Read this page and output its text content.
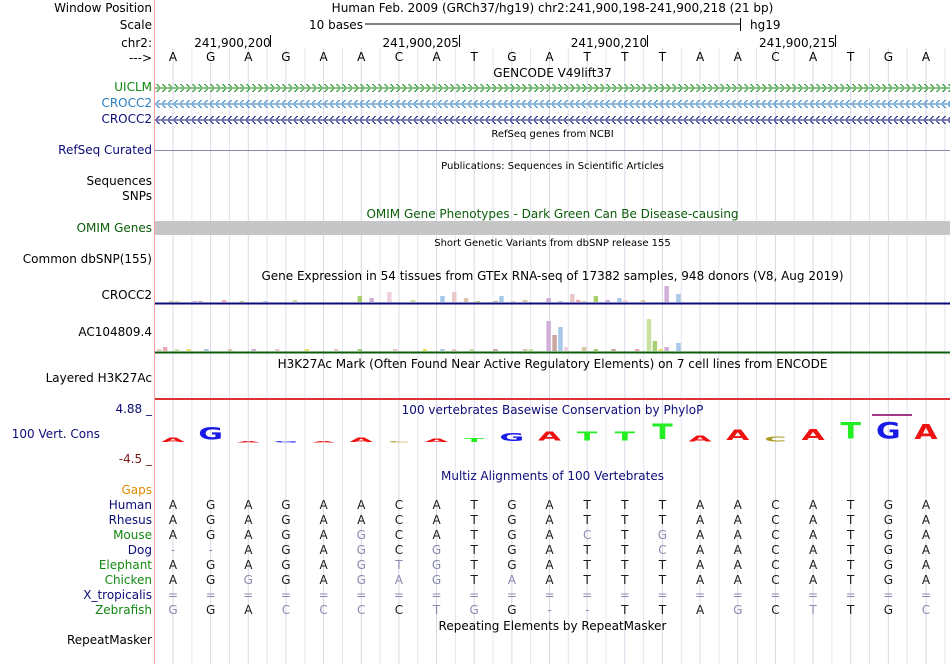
Window Position
Scale
chr2:
--->
UICLM
CROCC2
CROCC2
RefSeq Curated
Sequences
SNPs
OMIM Genes
Common dbSNP(155)
CROCC2
AC104809.4
Layered H3K27Ac
4.88 _
100 Vert. Cons
-4.5 _
Gaps
Human
Rhesus
Mouse
Dog
Elephant
Chicken
X_tropicalis
Zebrafish
RepeatMasker
Human Feb. 2009 (GRCh37/hg19) chr2:241,900,198-241,900,218 (21 bp)
10 bases	hg19
241,900,200	241,900,205	241,900,210	241,900,215
A	G	A	G	A	A	C	A	T	G	A	T	T	T	A	A	C	A	T	G	A
GENCODE V49lift37
RefSeq genes from NCBI
Publications: Sequences in Scientific Articles
OMIM Gene Phenotypes - Dark Green Can Be Disease-causing
Short Genetic Variants from dbSNP release 155
Gene Expression in 54 tissues from GTEx RNA-seq of 17382 samples, 948 donors (V8, Aug 2019)
H3K27Ac Mark (Often Found Near Active Regulatory Elements) on 7 cell lines from ENCODE
100 vertebrates Basewise Conservation by PhyloP
A G A G A A C A T G A T T T A A C A T G A
Multiz Alignments of 100 Vertebrates
A	G	A	G	A	A	C	A	T	G	A	T	T	T	A	A	C	A	T	G	A
A	G	A	G	A	A	C	A	T	G	A	T	T	T	A	A	C	A	T	G	A
A	G	A	G	A	G	C	A	T	G	A	C	T	G	A	A	C	A	T	G	A
-	-	A	G	A	G	C	G	T	G	A	T	T	C	A	A	C	A	T	G	A
A	G	A	G	A	G	T	G	T	G	A	T	T	T	A	A	C	A	T	G	A
A	G	G	G	A	G	A	G	T	A	A	T	T	T	A	A	C	A	T	G	A
=	=	=	=	=	=	=	=	=	=	=	=	=	=	=	=	=	=	=	=	=
G	G	A	C	C	C	C	T	G	G	-	-	T	T	A	G	C	T	T	G	C
Repeating Elements by RepeatMasker
